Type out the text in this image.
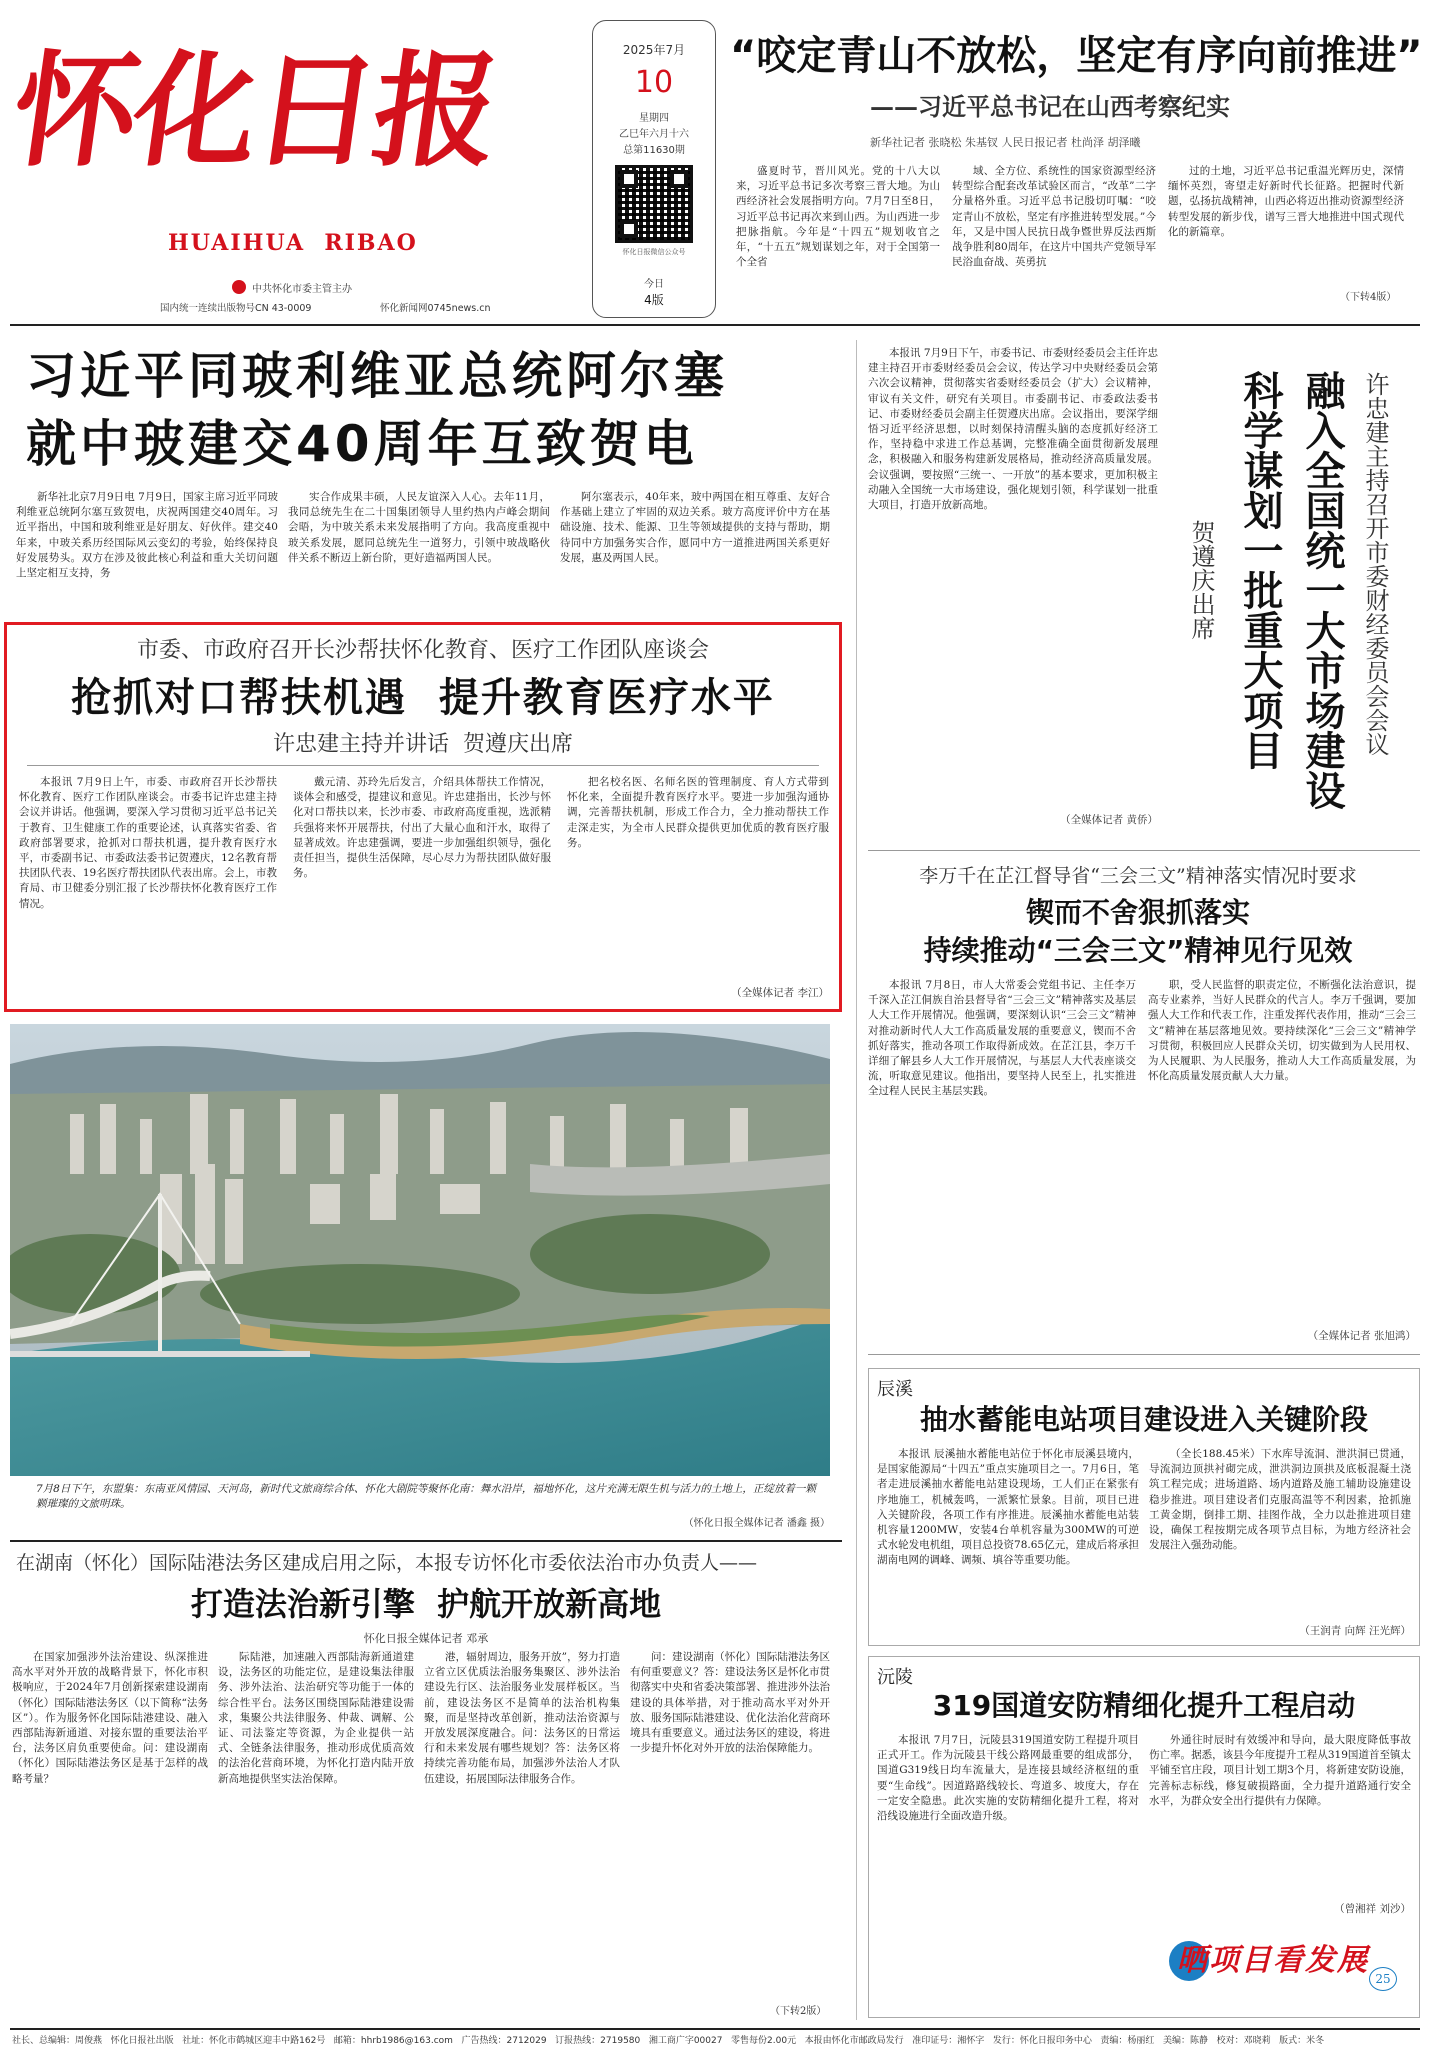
怀化日报
HUAIHUA  RIBAO
中共怀化市委主管主办
国内统一连续出版物号CN 43-0009	怀化新闻网0745news.cn
2025年7月
10
星期四
乙巳年六月十六
总第11630期
怀化日报微信公众号
今日
4版
“咬定青山不放松，坚定有序向前推进”
——习近平总书记在山西考察纪实
新华社记者 张晓松 朱基钗 人民日报记者 杜尚泽 胡泽曦

盛夏时节，晋川风光。党的十八大以来，习近平总书记多次考察三晋大地。为山西经济社会发展指明方向。7月7日至8日，习近平总书记再次来到山西。为山西进一步把脉指航。今年是“十四五”规划收官之年，“十五五”规划谋划之年，对于全国第一个全省

域、全方位、系统性的国家资源型经济转型综合配套改革试验区而言，“改革”二字分量格外重。习近平总书记殷切叮嘱：“咬定青山不放松，坚定有序推进转型发展。”今年，又是中国人民抗日战争暨世界反法西斯战争胜利80周年，在这片中国共产党领导军民浴血奋战、英勇抗

过的土地，习近平总书记重温光辉历史，深情缅怀英烈，寄望走好新时代长征路。把握时代新题，弘扬抗战精神，山西必将迈出推动资源型经济转型发展的新步伐，谱写三晋大地推进中国式现代化的新篇章。

（下转4版）
习近平同玻利维亚总统阿尔塞
就中玻建交40周年互致贺电

新华社北京7月9日电 7月9日，国家主席习近平同玻利维亚总统阿尔塞互致贺电，庆祝两国建交40周年。习近平指出，中国和玻利维亚是好朋友、好伙伴。建交40年来，中玻关系历经国际风云变幻的考验，始终保持良好发展势头。双方在涉及彼此核心利益和重大关切问题上坚定相互支持，务

实合作成果丰硕，人民友谊深入人心。去年11月，我同总统先生在二十国集团领导人里约热内卢峰会期间会晤，为中玻关系未来发展指明了方向。我高度重视中玻关系发展，愿同总统先生一道努力，引领中玻战略伙伴关系不断迈上新台阶，更好造福两国人民。

阿尔塞表示，40年来，玻中两国在相互尊重、友好合作基础上建立了牢固的双边关系。玻方高度评价中方在基础设施、技术、能源、卫生等领域提供的支持与帮助，期待同中方加强务实合作，愿同中方一道推进两国关系更好发展，惠及两国人民。

市委、市政府召开长沙帮扶怀化教育、医疗工作团队座谈会
抢抓对口帮扶机遇  提升教育医疗水平
许忠建主持并讲话  贺遵庆出席

本报讯 7月9日上午，市委、市政府召开长沙帮扶怀化教育、医疗工作团队座谈会。市委书记许忠建主持会议并讲话。他强调，要深入学习贯彻习近平总书记关于教育、卫生健康工作的重要论述，认真落实省委、省政府部署要求，抢抓对口帮扶机遇，提升教育医疗水平，市委副书记、市委政法委书记贺遵庆，12名教育帮扶团队代表、19名医疗帮扶团队代表出席。会上，市教育局、市卫健委分别汇报了长沙帮扶怀化教育医疗工作情况。

戴元清、苏玲先后发言，介绍具体帮扶工作情况，谈体会和感受，提建议和意见。许忠建指出，长沙与怀化对口帮扶以来，长沙市委、市政府高度重视，选派精兵强将来怀开展帮扶，付出了大量心血和汗水，取得了显著成效。许忠建强调，要进一步加强组织领导，强化责任担当，提供生活保障，尽心尽力为帮扶团队做好服务。

把名校名医、名师名医的管理制度、育人方式带到怀化来，全面提升教育医疗水平。要进一步加强沟通协调，完善帮扶机制，形成工作合力，全力推动帮扶工作走深走实，为全市人民群众提供更加优质的教育医疗服务。

（全媒体记者 李江）

本报讯 7月9日下午，市委书记、市委财经委员会主任许忠建主持召开市委财经委员会会议，传达学习中央财经委员会第六次会议精神，贯彻落实省委财经委员会（扩大）会议精神，审议有关文件，研究有关项目。市委副书记、市委政法委书记、市委财经委员会副主任贺遵庆出席。会议指出，要深学细悟习近平经济思想，以时刻保持清醒头脑的态度抓好经济工作，坚持稳中求进工作总基调，完整准确全面贯彻新发展理念，积极融入和服务构建新发展格局，推动经济高质量发展。会议强调，要按照“三统一、一开放”的基本要求，更加积极主动融入全国统一大市场建设，强化规划引领，科学谋划一批重大项目，打造开放新高地。

（全媒体记者 黄侨）
贺遵庆出席 科学谋划一批重大项目 融入全国统一大市场建设 许忠建主持召开市委财经委员会会议
李万千在芷江督导省“三会三文”精神落实情况时要求
锲而不舍狠抓落实
持续推动“三会三文”精神见行见效

本报讯 7月8日，市人大常委会党组书记、主任李万千深入芷江侗族自治县督导省“三会三文”精神落实及基层人大工作开展情况。他强调，要深刻认识“三会三文”精神对推动新时代人大工作高质量发展的重要意义，锲而不舍抓好落实，推动各项工作取得新成效。在芷江县，李万千详细了解县乡人大工作开展情况，与基层人大代表座谈交流，听取意见建议。他指出，要坚持人民至上，扎实推进全过程人民民主基层实践。

职，受人民监督的职责定位，不断强化法治意识，提高专业素养，当好人民群众的代言人。李万千强调，要加强人大工作和代表工作，注重发挥代表作用，推动“三会三文”精神在基层落地见效。要持续深化“三会三文”精神学习贯彻，积极回应人民群众关切，切实做到为人民用权、为人民履职、为人民服务，推动人大工作高质量发展，为怀化高质量发展贡献人大力量。

（全媒体记者 张旭鸿）
7月8日下午，东盟集：东南亚风情园、天河岛，新时代文旅商综合体、怀化大剧院等聚怀化南：舞水沿岸，福地怀化，这片充满无限生机与活力的土地上，正绽放着一颗颗璀璨的文旅明珠。
（怀化日报全媒体记者 潘鑫 摄）
辰溪
抽水蓄能电站项目建设进入关键阶段

本报讯 辰溪抽水蓄能电站位于怀化市辰溪县境内，是国家能源局“十四五”重点实施项目之一。7月6日，笔者走进辰溪抽水蓄能电站建设现场，工人们正在紧张有序地施工，机械轰鸣，一派繁忙景象。目前，项目已进入关键阶段，各项工作有序推进。辰溪抽水蓄能电站装机容量1200MW，安装4台单机容量为300MW的可逆式水轮发电机组，项目总投资78.65亿元，建成后将承担湖南电网的调峰、调频、填谷等重要功能。

（全长188.45米）下水库导流洞、泄洪洞已贯通，导流洞边顶拱衬砌完成，泄洪洞边顶拱及底板混凝土浇筑工程完成；进场道路、场内道路及施工辅助设施建设稳步推进。项目建设者们克服高温等不利因素，抢抓施工黄金期，倒排工期、挂图作战，全力以赴推进项目建设，确保工程按期完成各项节点目标，为地方经济社会发展注入强劲动能。

（王润青 向辉 汪光辉）
在湖南（怀化）国际陆港法务区建成启用之际，本报专访怀化市委依法治市办负责人——
打造法治新引擎  护航开放新高地
怀化日报全媒体记者 邓承

在国家加强涉外法治建设、纵深推进高水平对外开放的战略背景下，怀化市积极响应，于2024年7月创新探索建设湖南（怀化）国际陆港法务区（以下简称“法务区”）。作为服务怀化国际陆港建设、融入西部陆海新通道、对接东盟的重要法治平台，法务区肩负重要使命。问：建设湖南（怀化）国际陆港法务区是基于怎样的战略考量？

际陆港，加速融入西部陆海新通道建设，法务区的功能定位，是建设集法律服务、涉外法治、法治研究等功能于一体的综合性平台。法务区围绕国际陆港建设需求，集聚公共法律服务、仲裁、调解、公证、司法鉴定等资源，为企业提供一站式、全链条法律服务，推动形成优质高效的法治化营商环境，为怀化打造内陆开放新高地提供坚实法治保障。

港，辐射周边，服务开放”，努力打造立省立区优质法治服务集聚区、涉外法治建设先行区、法治服务业发展样板区。当前，建设法务区不是简单的法治机构集聚，而是坚持改革创新，推动法治资源与开放发展深度融合。问：法务区的日常运行和未来发展有哪些规划？答：法务区将持续完善功能布局，加强涉外法治人才队伍建设，拓展国际法律服务合作。

问：建设湖南（怀化）国际陆港法务区有何重要意义？答：建设法务区是怀化市贯彻落实中央和省委决策部署、推进涉外法治建设的具体举措，对于推动高水平对外开放、服务国际陆港建设、优化法治化营商环境具有重要意义。通过法务区的建设，将进一步提升怀化对外开放的法治保障能力。

（下转2版）
沅陵
319国道安防精细化提升工程启动

本报讯 7月7日，沅陵县319国道安防工程提升项目正式开工。作为沅陵县干线公路网最重要的组成部分，国道G319线日均车流量大，是连接县域经济枢纽的重要“生命线”。因道路路线较长、弯道多、坡度大，存在一定安全隐患。此次实施的安防精细化提升工程，将对沿线设施进行全面改造升级。

外通往时辰时有效缓冲和导向，最大限度降低事故伤亡率。据悉，该县今年度提升工程从319国道首至镇太平铺至官庄段，项目计划工期3个月，将新建安防设施，完善标志标线，修复破损路面，全力提升道路通行安全水平，为群众安全出行提供有力保障。

（曾湘祥 刘沙）
晒项目看发展
25
社长、总编辑：周俊燕   怀化日报社出版   社址：怀化市鹤城区迎丰中路162号   邮箱：hhrb1986@163.com   广告热线：2712029   订报热线：2719580   湘工商广字00027   零售每份2.00元   本报由怀化市邮政局发行   准印证号：湘怀字   发行：怀化日报印务中心   责编：杨丽红   美编：陈静   校对：邓晓莉   版式：米冬
